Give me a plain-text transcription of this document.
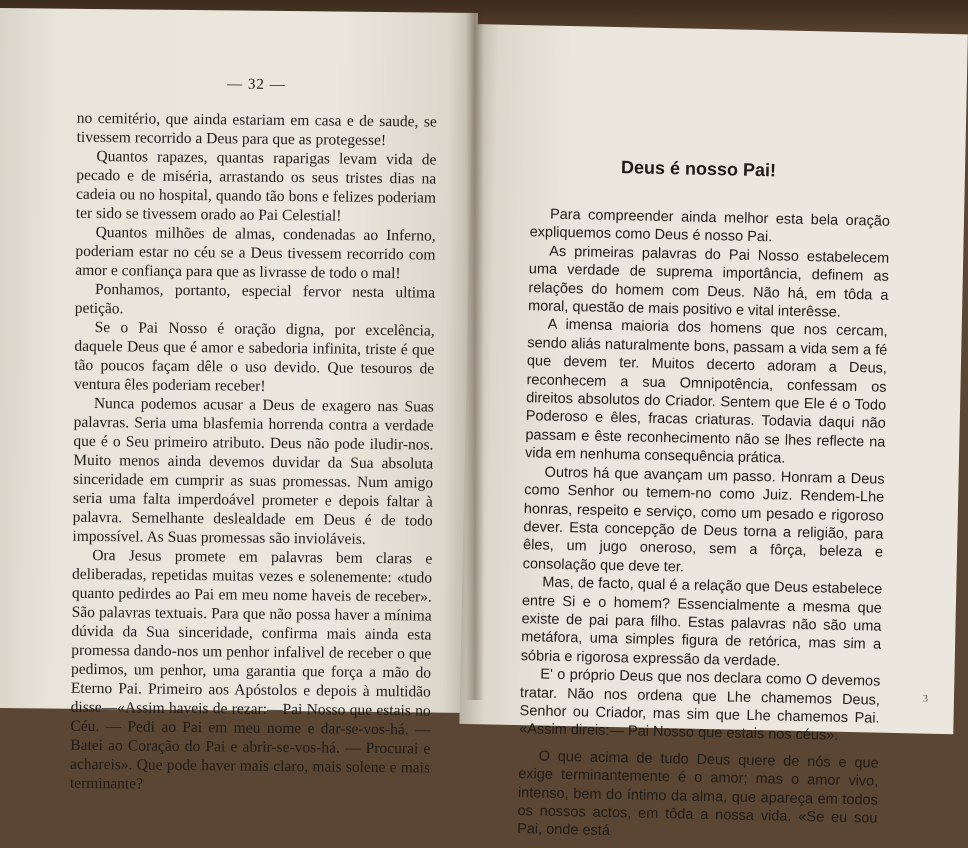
— 32 —

no cemitério, que ainda estariam em casa e de saude, se tivessem recorrido a Deus para que as protegesse!

Quantos rapazes, quantas raparigas levam vida de pecado e de miséria, arrastando os seus tristes dias na cadeia ou no hospital, quando tão bons e felizes poderiam ter sido se tivessem orado ao Pai Celestial!

Quantos milhões de almas, condenadas ao Inferno, poderiam estar no céu se a Deus tivessem recorrido com amor e confiança para que as livrasse de todo o mal!

Ponhamos, portanto, especial fervor nesta ultima petição.

Se o Pai Nosso é oração digna, por excelência, daquele Deus que é amor e sabedoria infinita, triste é que tão poucos façam dêle o uso devido. Que tesouros de ventura êles poderiam receber!

Nunca podemos acusar a Deus de exagero nas Suas palavras. Seria uma blasfemia horrenda contra a verdade que é o Seu primeiro atributo. Deus não pode iludir-nos. Muito menos ainda devemos duvidar da Sua absoluta sinceridade em cumprir as suas promessas. Num amigo seria uma falta imperdoável prometer e depois faltar à palavra. Semelhante deslealdade em Deus é de todo impossível. As Suas promessas são invioláveis.

Ora Jesus promete em palavras bem claras e deliberadas, repetidas muitas vezes e solenemente: «tudo quanto pedirdes ao Pai em meu nome haveis de receber». São palavras textuais. Para que não possa haver a mínima dúvida da Sua sinceridade, confirma mais ainda esta promessa dando-nos um penhor infalivel de receber o que pedimos, um penhor, uma garantia que força a mão do Eterno Pai. Primeiro aos Apóstolos e depois à multidão disse—«Assim haveis de rezar:—Pai Nosso que estais no Céu. — Pedi ao Pai em meu nome e dar-se-vos-há. — Batei ao Coração do Pai e abrir-se-vos-há. — Procurai e achareis». Que pode haver mais claro, mais solene e mais terminante?

Deus é nosso Pai!

Para compreender ainda melhor esta bela oração expliquemos como Deus é nosso Pai.

As primeiras palavras do Pai Nosso estabelecem uma verdade de suprema importância, definem as relações do homem com Deus. Não há, em tôda a moral, questão de mais positivo e vital interêsse.

A imensa maioria dos homens que nos cercam, sendo aliás naturalmente bons, passam a vida sem a fé que devem ter. Muitos decerto adoram a Deus, reconhecem a sua Omnipotência, confessam os direitos absolutos do Criador. Sentem que Ele é o Todo Poderoso e êles, fracas criaturas. Todavia daqui não passam e êste reconhecimento não se lhes reflecte na vida em nenhuma consequência prática.

Outros há que avançam um passo. Honram a Deus como Senhor ou temem-no como Juiz. Rendem-Lhe honras, respeito e serviço, como um pesado e rigoroso dever. Esta concepção de Deus torna a religião, para êles, um jugo oneroso, sem a fôrça, beleza e consolação que deve ter.

Mas, de facto, qual é a relação que Deus estabelece entre Si e o homem? Essencialmente a mesma que existe de pai para filho. Estas palavras não são uma metáfora, uma simples figura de retórica, mas sim a sóbria e rigorosa expressão da verdade.

E' o próprio Deus que nos declara como O devemos tratar. Não nos ordena que Lhe chamemos Deus, Senhor ou Criador, mas sim que Lhe chamemos Pai. «Assim direis:— Pai Nosso que estais nos céus».

O que acima de tudo Deus quere de nós e que exige terminantemente é o amor; mas o amor vivo, intenso, bem do íntimo da alma, que apareça em todos os nossos actos, em tôda a nossa vida. «Se eu sou Pai, onde está

3
